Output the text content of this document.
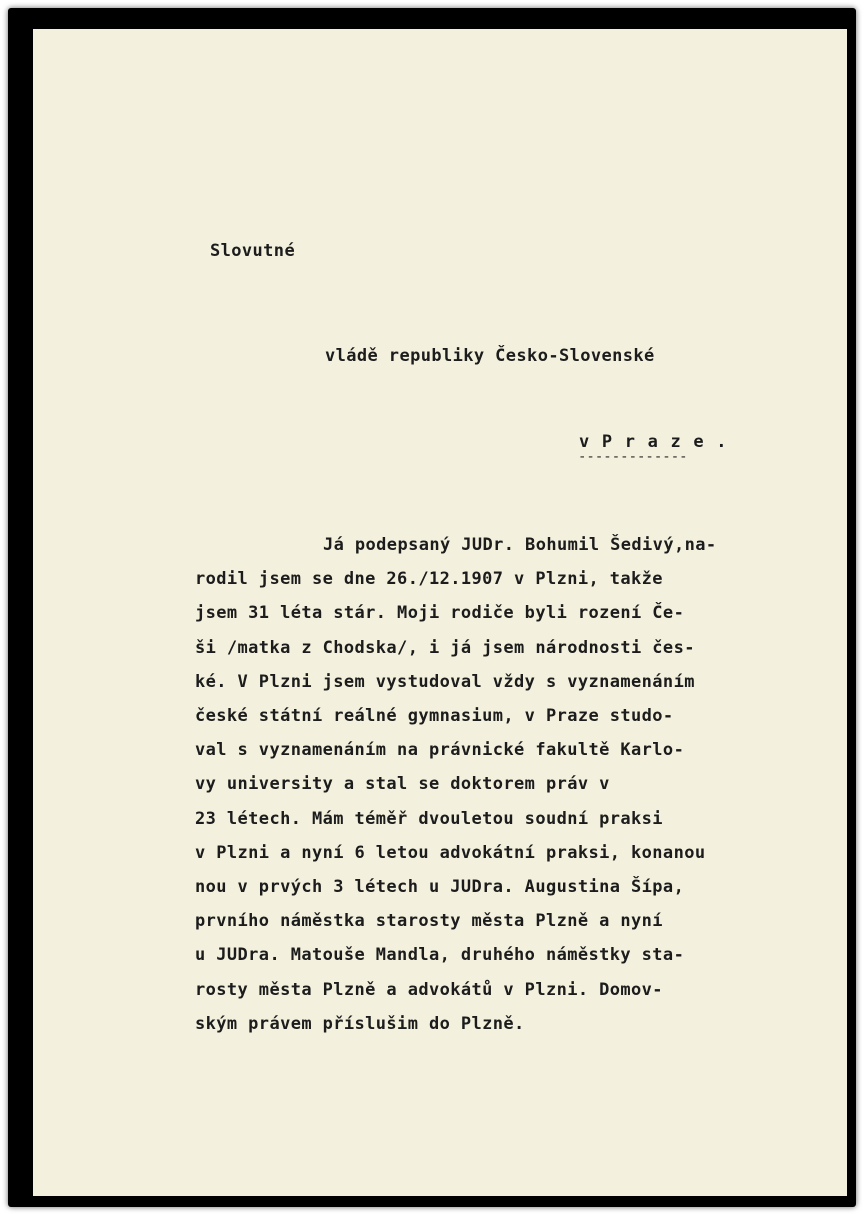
Slovutné
vládě republiky Česko-Slovenské
v P r a z e .
-------------
Já podepsaný JUDr. Bohumil Šedivý,na-
rodil jsem se dne 26./12.1907 v Plzni, takže
jsem 31 léta stár. Moji rodiče byli rození Če-
ši /matka z Chodska/, i já jsem národnosti čes-
ké. V Plzni jsem vystudoval vždy s vyznamenáním
české státní reálné gymnasium, v Praze studo-
val s vyznamenáním na právnické fakultě Karlo-
vy university a stal se doktorem práv v
23 létech. Mám téměř dvouletou soudní praksi
v Plzni a nyní 6 letou advokátní praksi, konanou
nou v prvých 3 létech u JUDra. Augustina Šípa,
prvního náměstka starosty města Plzně a nyní
u JUDra. Matouše Mandla, druhého náměstky sta-
rosty města Plzně a advokátů v Plzni. Domov-
ským právem příslušim do Plzně.
